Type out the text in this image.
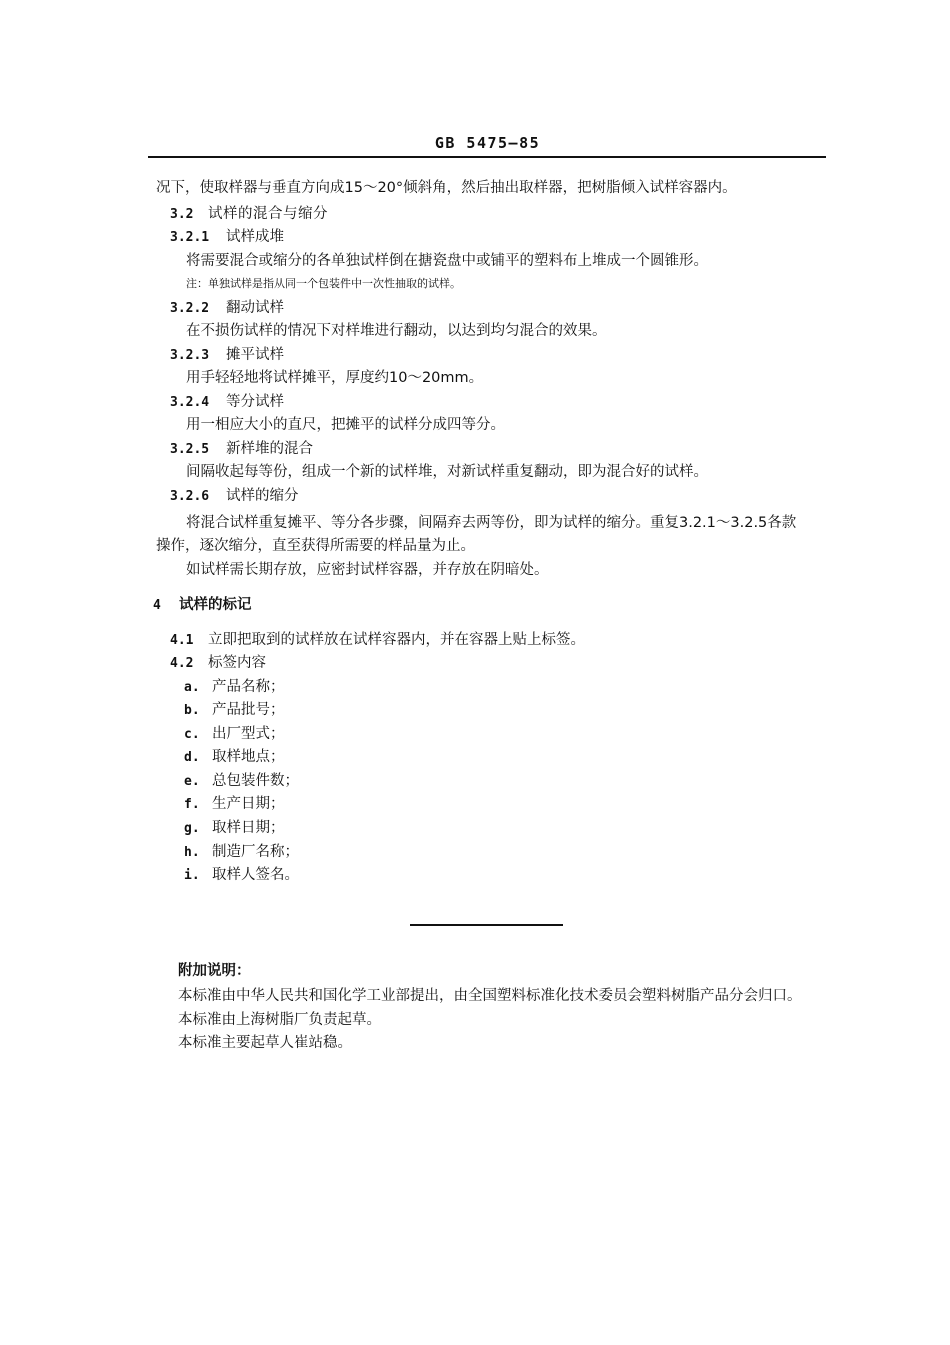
GB 5475—85
况下，使取样器与垂直方向成15～20°倾斜角，然后抽出取样器，把树脂倾入试样容器内。
3.2 试样的混合与缩分
3.2.1 试样成堆
将需要混合或缩分的各单独试样倒在搪瓷盘中或铺平的塑料布上堆成一个圆锥形。
注：单独试样是指从同一个包装件中一次性抽取的试样。
3.2.2 翻动试样
在不损伤试样的情况下对样堆进行翻动，以达到均匀混合的效果。
3.2.3 摊平试样
用手轻轻地将试样摊平，厚度约10～20mm。
3.2.4 等分试样
用一相应大小的直尺，把摊平的试样分成四等分。
3.2.5 新样堆的混合
间隔收起每等份，组成一个新的试样堆，对新试样重复翻动，即为混合好的试样。
3.2.6 试样的缩分
将混合试样重复摊平、等分各步骤，间隔弃去两等份，即为试样的缩分。重复3.2.1～3.2.5各款
操作，逐次缩分，直至获得所需要的样品量为止。
如试样需长期存放，应密封试样容器，并存放在阴暗处。
4 试样的标记
4.1 立即把取到的试样放在试样容器内，并在容器上贴上标签。
4.2 标签内容
a. 产品名称；
b. 产品批号；
c. 出厂型式；
d. 取样地点；
e. 总包装件数；
f. 生产日期；
g. 取样日期；
h. 制造厂名称；
i. 取样人签名。
附加说明：
本标准由中华人民共和国化学工业部提出，由全国塑料标准化技术委员会塑料树脂产品分会归口。
本标准由上海树脂厂负责起草。
本标准主要起草人崔站稳。
